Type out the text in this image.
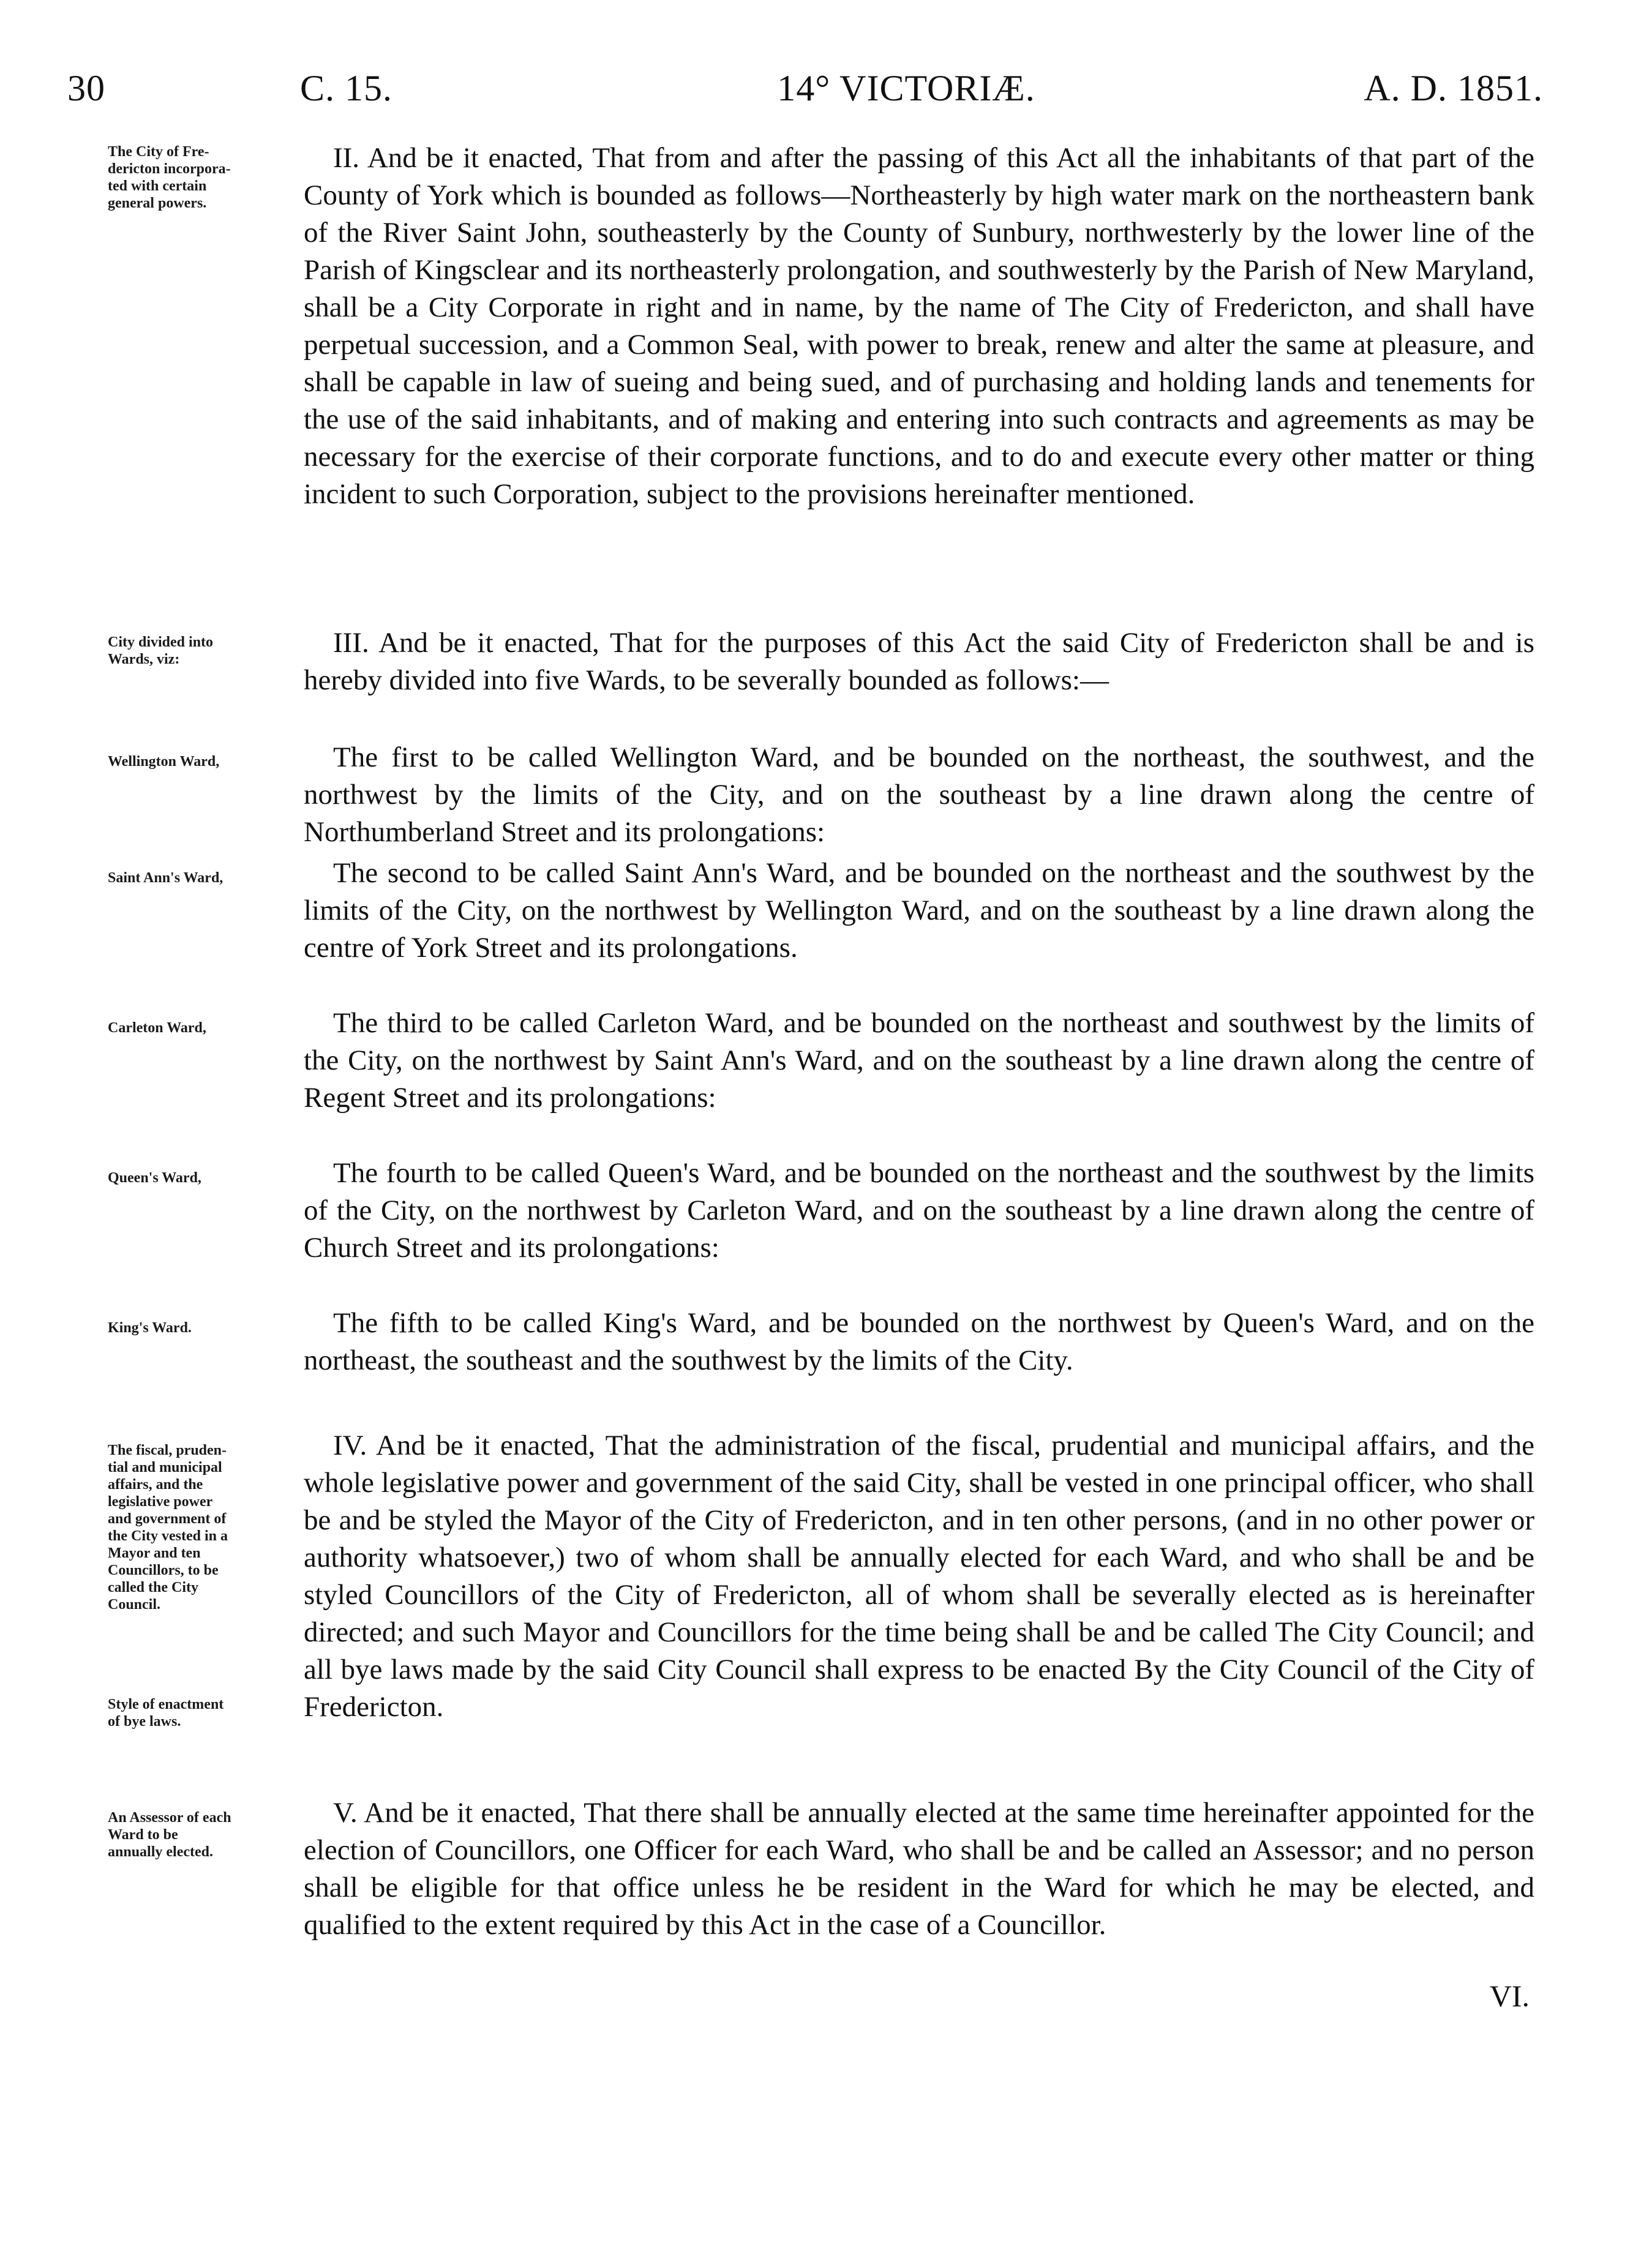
30	C. 15.	14° VICTORIÆ.	A. D. 1851.

The City of Fre-
dericton incorpora-
ted with certain
general powers.

II. And be it enacted, That from and after the passing of this Act all the inhabitants of that part of the County of York which is bounded as follows—Northeasterly by high water mark on the northeastern bank of the River Saint John, southeasterly by the County of Sunbury, northwesterly by the lower line of the Parish of Kingsclear and its northeasterly prolongation, and southwesterly by the Parish of New Maryland, shall be a City Corporate in right and in name, by the name of The City of Fredericton, and shall have perpetual succession, and a Common Seal, with power to break, renew and alter the same at pleasure, and shall be capable in law of sueing and being sued, and of purchasing and holding lands and tenements for the use of the said inhabitants, and of making and entering into such contracts and agreements as may be necessary for the exercise of their corporate functions, and to do and execute every other matter or thing incident to such Corporation, subject to the provisions hereinafter mentioned.

City divided into
Wards, viz:

III. And be it enacted, That for the purposes of this Act the said City of Fredericton shall be and is hereby divided into five Wards, to be severally bounded as follows:—

Wellington Ward,	The first to be called Wellington Ward, and be bounded on the northeast, the southwest, and the northwest by the limits of the City, and on the southeast by a line drawn along the centre of Northumberland Street and its prolongations:

Saint Ann's Ward,	The second to be called Saint Ann's Ward, and be bounded on the northeast and the southwest by the limits of the City, on the northwest by Wellington Ward, and on the southeast by a line drawn along the centre of York Street and its prolongations.

Carleton Ward,	The third to be called Carleton Ward, and be bounded on the northeast and southwest by the limits of the City, on the northwest by Saint Ann's Ward, and on the southeast by a line drawn along the centre of Regent Street and its prolongations:

Queen's Ward,	The fourth to be called Queen's Ward, and be bounded on the northeast and the southwest by the limits of the City, on the northwest by Carleton Ward, and on the southeast by a line drawn along the centre of Church Street and its prolongations:

King's Ward.	The fifth to be called King's Ward, and be bounded on the northwest by Queen's Ward, and on the northeast, the southeast and the southwest by the limits of the City.

The fiscal, pruden-
tial and municipal
affairs, and the
legislative power
and government of
the City vested in a
Mayor and ten
Councillors, to be
called the City
Council.

Style of enactment
of bye laws.

IV. And be it enacted, That the administration of the fiscal, prudential and municipal affairs, and the whole legislative power and government of the said City, shall be vested in one principal officer, who shall be and be styled the Mayor of the City of Fredericton, and in ten other persons, (and in no other power or authority whatsoever,) two of whom shall be annually elected for each Ward, and who shall be and be styled Councillors of the City of Fredericton, all of whom shall be severally elected as is hereinafter directed; and such Mayor and Councillors for the time being shall be and be called The City Council; and all bye laws made by the said City Council shall express to be enacted By the City Council of the City of Fredericton.

An Assessor of each
Ward to be
annually elected.

V. And be it enacted, That there shall be annually elected at the same time hereinafter appointed for the election of Councillors, one Officer for each Ward, who shall be and be called an Assessor; and no person shall be eligible for that office unless he be resident in the Ward for which he may be elected, and qualified to the extent required by this Act in the case of a Councillor.

VI.
